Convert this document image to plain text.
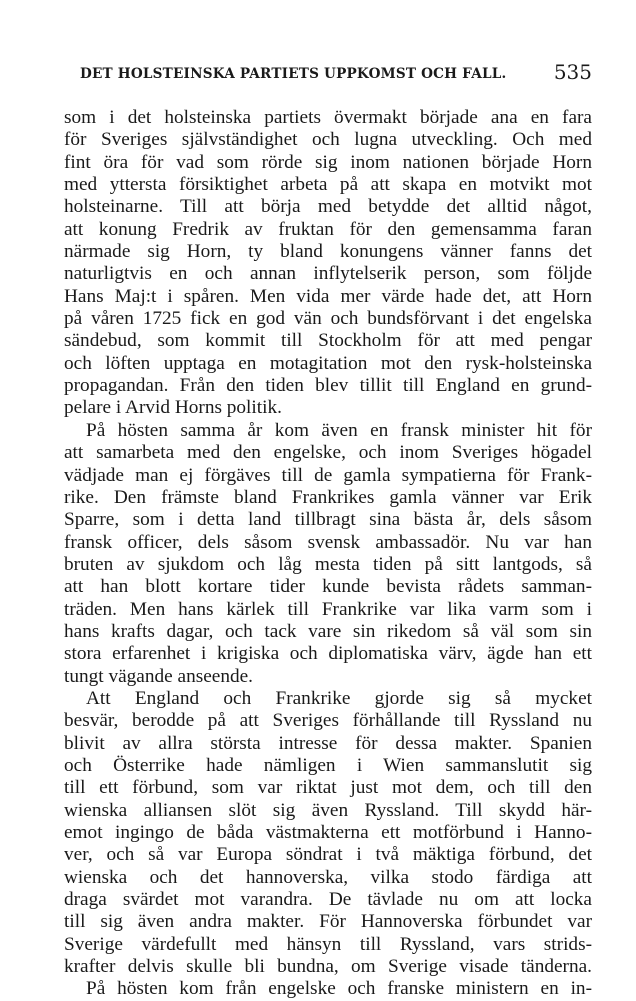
DET HOLSTEINSKA PARTIETS UPPKOMST OCH FALL. 535
som i det holsteinska partiets övermakt började ana en fara
för Sveriges självständighet och lugna utveckling. Och med
fint öra för vad som rörde sig inom nationen började Horn
med yttersta försiktighet arbeta på att skapa en motvikt mot
holsteinarne. Till att börja med betydde det alltid något,
att konung Fredrik av fruktan för den gemensamma faran
närmade sig Horn, ty bland konungens vänner fanns det
naturligtvis en och annan inflytelserik person, som följde
Hans Maj:t i spåren. Men vida mer värde hade det, att Horn
på våren 1725 fick en god vän och bundsförvant i det engelska
sändebud, som kommit till Stockholm för att med pengar
och löften upptaga en motagitation mot den rysk-holsteinska
propagandan. Från den tiden blev tillit till England en grund-
pelare i Arvid Horns politik.
På hösten samma år kom även en fransk minister hit för
att samarbeta med den engelske, och inom Sveriges högadel
vädjade man ej förgäves till de gamla sympatierna för Frank-
rike. Den främste bland Frankrikes gamla vänner var Erik
Sparre, som i detta land tillbragt sina bästa år, dels såsom
fransk officer, dels såsom svensk ambassadör. Nu var han
bruten av sjukdom och låg mesta tiden på sitt lantgods, så
att han blott kortare tider kunde bevista rådets samman-
träden. Men hans kärlek till Frankrike var lika varm som i
hans krafts dagar, och tack vare sin rikedom så väl som sin
stora erfarenhet i krigiska och diplomatiska värv, ägde han ett
tungt vägande anseende.
Att England och Frankrike gjorde sig så mycket
besvär, berodde på att Sveriges förhållande till Ryssland nu
blivit av allra största intresse för dessa makter. Spanien
och Österrike hade nämligen i Wien sammanslutit sig
till ett förbund, som var riktat just mot dem, och till den
wienska alliansen slöt sig även Ryssland. Till skydd här-
emot ingingo de båda västmakterna ett motförbund i Hanno-
ver, och så var Europa söndrat i två mäktiga förbund, det
wienska och det hannoverska, vilka stodo färdiga att
draga svärdet mot varandra. De tävlade nu om att locka
till sig även andra makter. För Hannoverska förbundet var
Sverige värdefullt med hänsyn till Ryssland, vars strids-
krafter delvis skulle bli bundna, om Sverige visade tänderna.
På hösten kom från engelske och franske ministern en in-
